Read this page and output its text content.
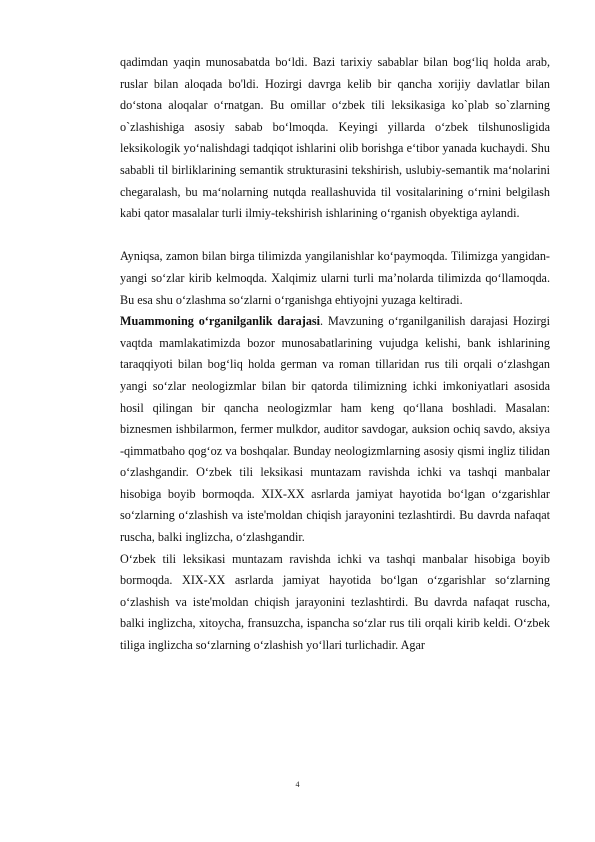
qadimdan yaqin munosabatda bo‘ldi. Bazi tarixiy sabablar bilan bog‘liq holda arab, ruslar bilan aloqada bo'ldi. Hozirgi davrga kelib bir qancha xorijiy davlatlar bilan do‘stona aloqalar o‘rnatgan. Bu omillar o‘zbek tili leksikasiga ko`plab so`zlarning o`zlashishiga asosiy sabab bo‘lmoqda. Keyingi yillarda o‘zbek tilshunosligida leksikologik yo‘nalishdagi tadqiqot ishlarini olib borishga e‘tibor yanada kuchaydi. Shu sababli til birliklarining semantik strukturasini tekshirish, uslubiy-semantik ma‘nolarini chegaralash, bu ma‘nolarning nutqda reallashuvida til vositalarining o‘rnini belgilash kabi qator masalalar turli ilmiy-tekshirish ishlarining o‘rganish obyektiga aylandi.

Ayniqsa, zamon bilan birga tilimizda yangilanishlar ko‘paymoqda. Tilimizga yangidan-yangi so‘zlar kirib kelmoqda. Xalqimiz ularni turli ma’nolarda tilimizda qo‘llamoqda. Bu esa shu o‘zlashma so‘zlarni o‘rganishga ehtiyojni yuzaga keltiradi.

Muammoning o‘rganilganlik darajasi. Mavzuning o‘rganilganilish darajasi Hozirgi vaqtda mamlakatimizda bozor munosabatlarining vujudga kelishi, bank ishlarining taraqqiyoti bilan bog‘liq holda german va roman tillaridan rus tili orqali o‘zlashgan yangi so‘zlar neologizmlar bilan bir qatorda tilimizning ichki imkoniyatlari asosida hosil qilingan bir qancha neologizmlar ham keng qo‘llana boshladi. Masalan: biznesmen ishbilarmon, fermer mulkdor, auditor savdogar, auksion ochiq savdo, aksiya -qimmatbaho qog‘oz va boshqalar. Bunday neologizmlarning asosiy qismi ingliz tilidan o‘zlashgandir. O‘zbek tili leksikasi muntazam ravishda ichki va tashqi manbalar hisobiga boyib bormoqda. XIX-XX asrlarda jamiyat hayotida bo‘lgan o‘zgarishlar so‘zlarning o‘zlashish va iste'moldan chiqish jarayonini tezlashtirdi. Bu davrda nafaqat ruscha, balki inglizcha, o‘zlashgandir.

O‘zbek tili leksikasi muntazam ravishda ichki va tashqi manbalar hisobiga boyib bormoqda. XIX-XX asrlarda jamiyat hayotida bo‘lgan o‘zgarishlar so‘zlarning o‘zlashish va iste'moldan chiqish jarayonini tezlashtirdi. Bu davrda nafaqat ruscha, balki inglizcha, xitoycha, fransuzcha, ispancha so‘zlar rus tili orqali kirib keldi. O‘zbek tiliga inglizcha so‘zlarning o‘zlashish yo‘llari turlichadir. Agar

4
